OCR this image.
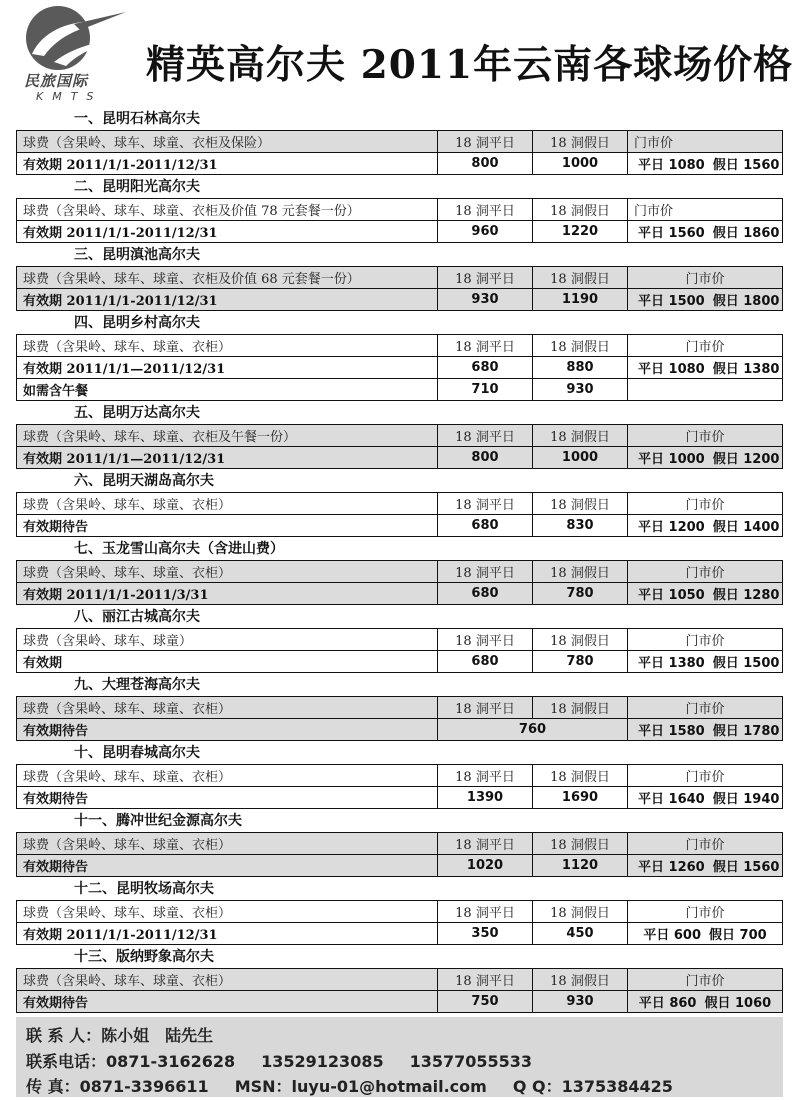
民旅国际
KMTS
精英高尔夫 2011年云南各球场价格
一、昆明石林高尔夫
球费（含果岭、球车、球童、衣柜及保险）	18 洞平日	18 洞假日	门市价
有效期 2011/1/1-2011/12/31	800	1000	平日 1080 假日 1560
二、昆明阳光高尔夫
球费（含果岭、球车、球童、衣柜及价值 78 元套餐一份）	18 洞平日	18 洞假日	门市价
有效期 2011/1/1-2011/12/31	960	1220	平日 1560 假日 1860
三、昆明滇池高尔夫
球费（含果岭、球车、球童、衣柜及价值 68 元套餐一份）	18 洞平日	18 洞假日	门市价
有效期 2011/1/1-2011/12/31	930	1190	平日 1500 假日 1800
四、昆明乡村高尔夫
球费（含果岭、球车、球童、衣柜）	18 洞平日	18 洞假日	门市价
有效期 2011/1/1—2011/12/31	680	880	平日 1080 假日 1380
如需含午餐	710	930	
五、昆明万达高尔夫
球费（含果岭、球车、球童、衣柜及午餐一份）	18 洞平日	18 洞假日	门市价
有效期 2011/1/1—2011/12/31	800	1000	平日 1000 假日 1200
六、昆明天湖岛高尔夫
球费（含果岭、球车、球童、衣柜）	18 洞平日	18 洞假日	门市价
有效期待告	680	830	平日 1200 假日 1400
七、玉龙雪山高尔夫（含进山费）
球费（含果岭、球车、球童、衣柜）	18 洞平日	18 洞假日	门市价
有效期 2011/1/1-2011/3/31	680	780	平日 1050 假日 1280
八、丽江古城高尔夫
球费（含果岭、球车、球童）	18 洞平日	18 洞假日	门市价
有效期	680	780	平日 1380 假日 1500
九、大理苍海高尔夫
球费（含果岭、球车、球童、衣柜）	18 洞平日	18 洞假日	门市价
有效期待告	760		平日 1580 假日 1780
十、昆明春城高尔夫
球费（含果岭、球车、球童、衣柜）	18 洞平日	18 洞假日	门市价
有效期待告	1390	1690	平日 1640 假日 1940
十一、腾冲世纪金源高尔夫
球费（含果岭、球车、球童、衣柜）	18 洞平日	18 洞假日	门市价
有效期待告	1020	1120	平日 1260 假日 1560
十二、昆明牧场高尔夫
球费（含果岭、球车、球童、衣柜）	18 洞平日	18 洞假日	门市价
有效期 2011/1/1-2011/12/31	350	450	平日 600 假日 700
十三、版纳野象高尔夫
球费（含果岭、球车、球童、衣柜）	18 洞平日	18 洞假日	门市价
有效期待告	750	930	平日 860 假日 1060
联 系 人：陈小姐　陆先生
联系电话：0871-3162628 13529123085 13577055533
传 真：0871-3396611 MSN：luyu-01@hotmail.com Q Q：1375384425
